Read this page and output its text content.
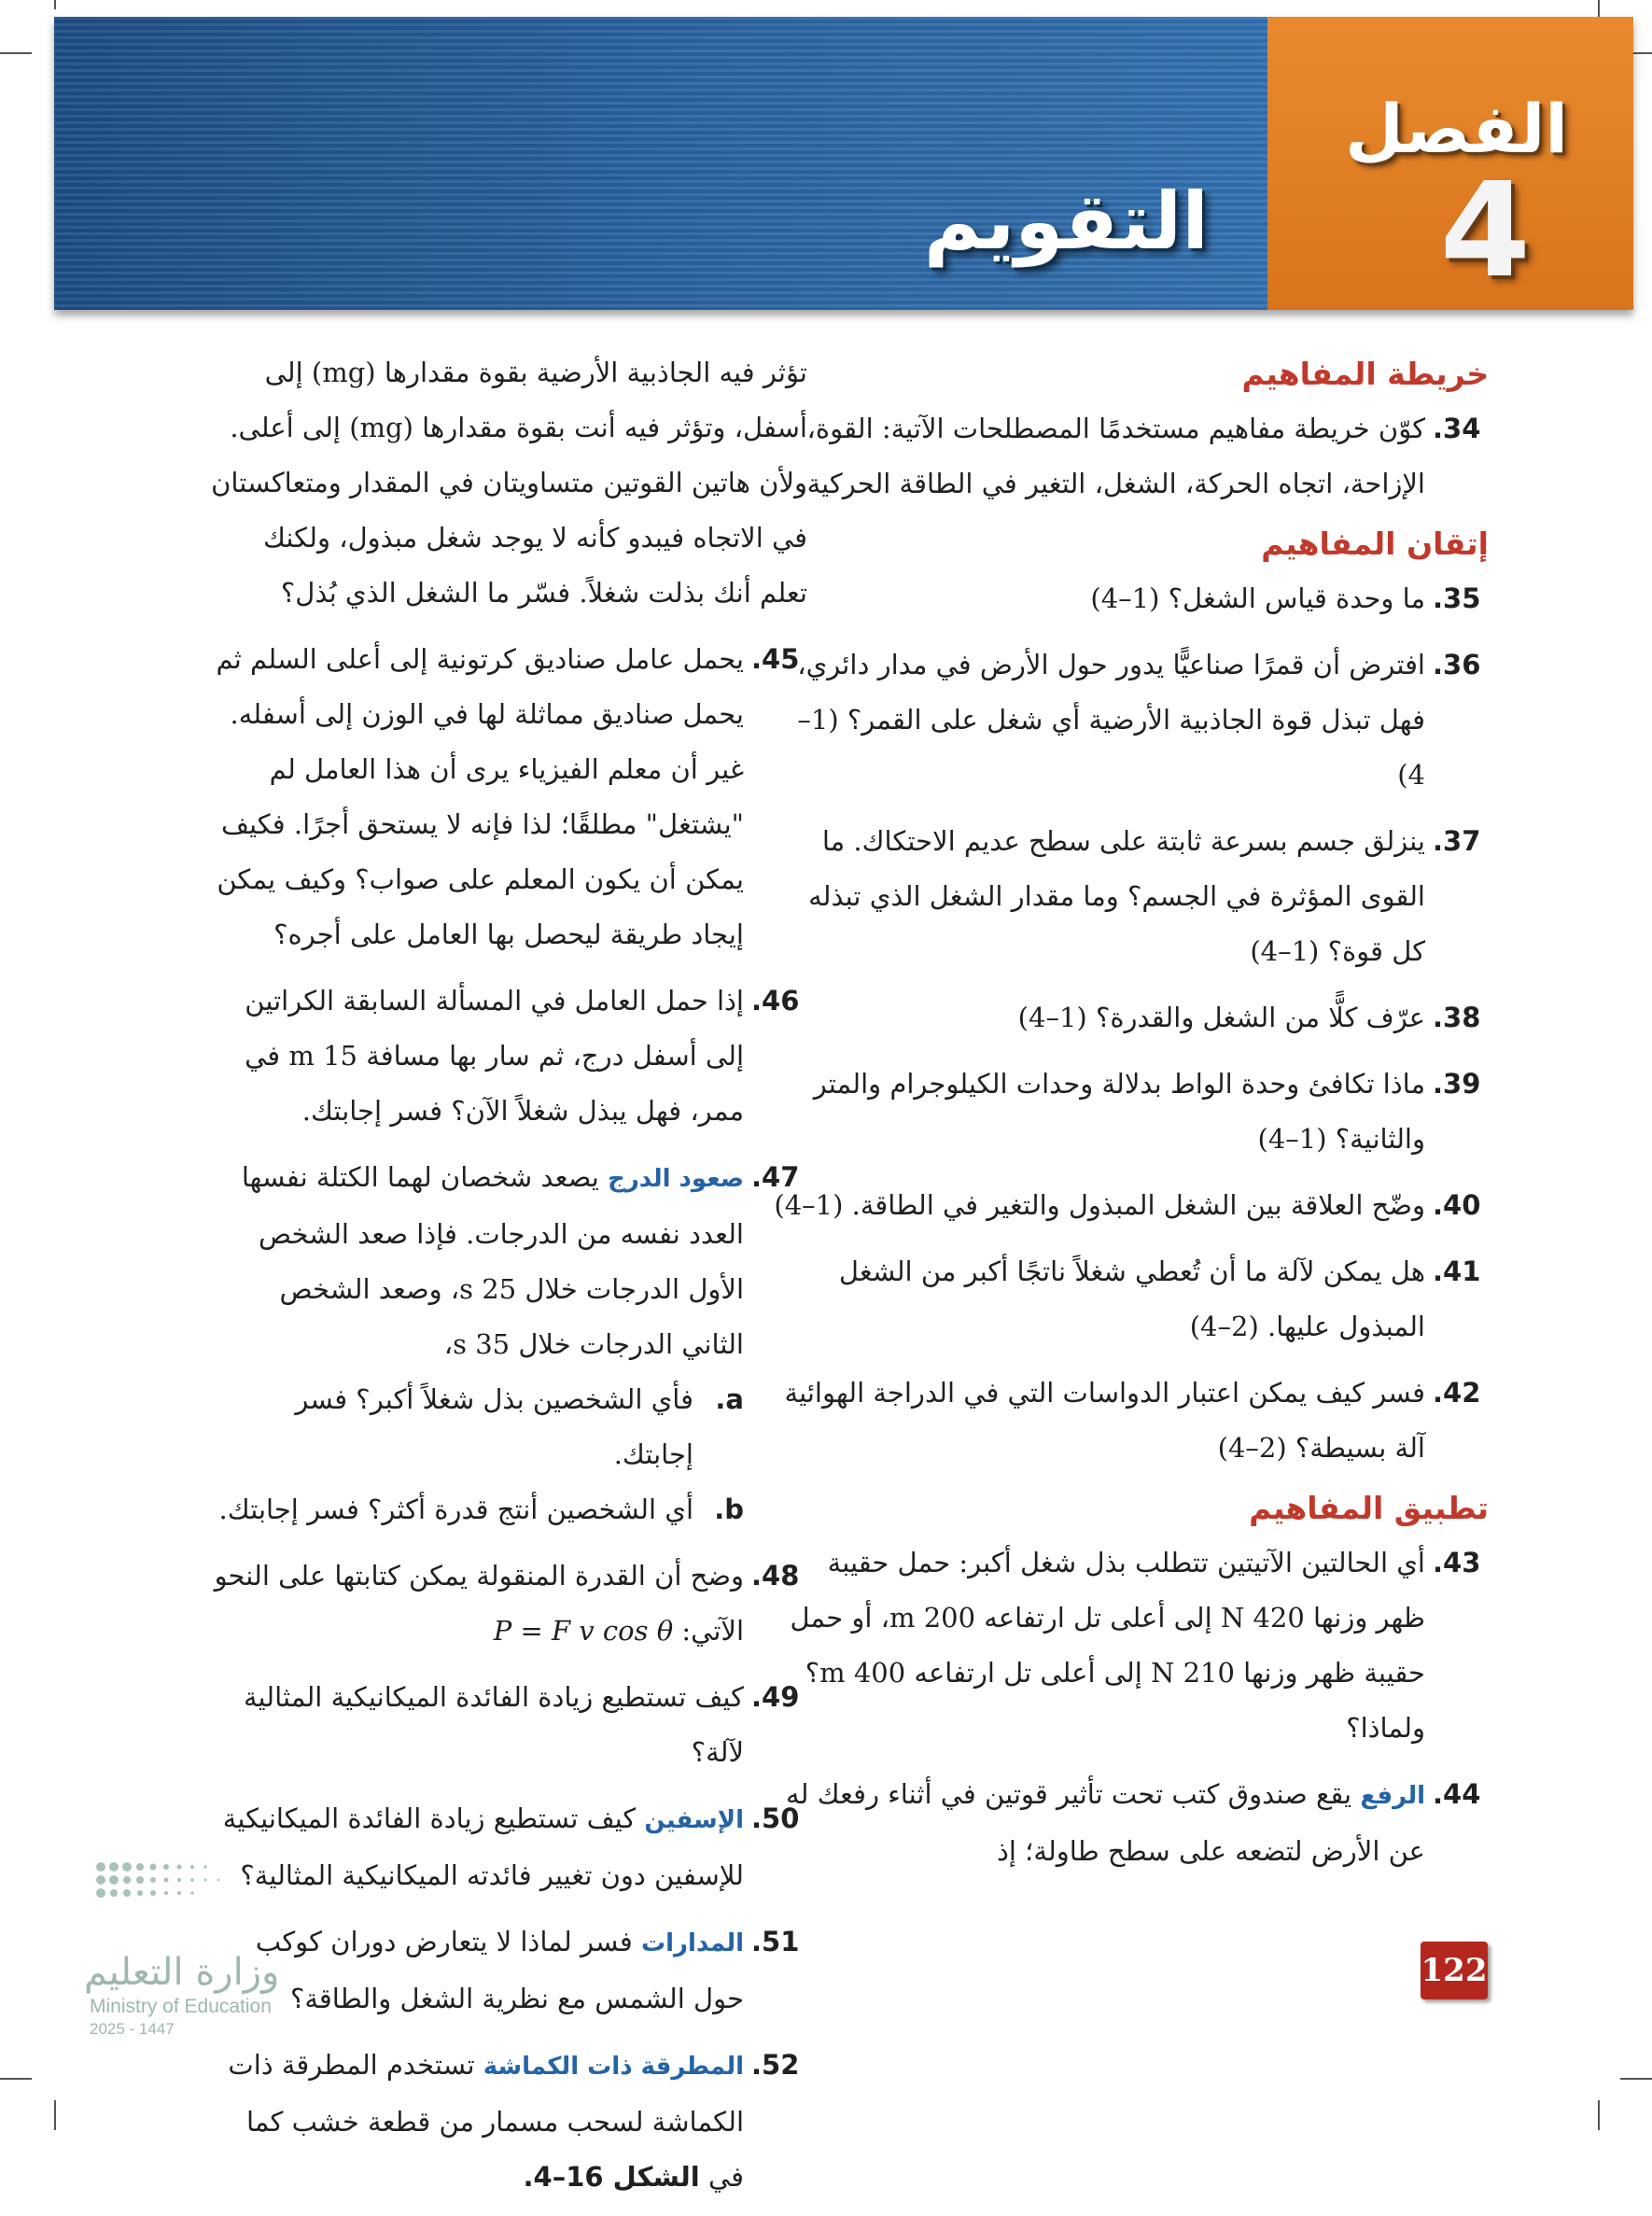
الفصل
4
التقويم
خريطة المفاهيم
34.
كوّن خريطة مفاهيم مستخدمًا المصطلحات الآتية: القوة، الإزاحة، اتجاه الحركة، الشغل، التغير في الطاقة الحركية.
إتقان المفاهيم
35.
ما وحدة قياس الشغل؟ (1–4)
36.
افترض أن قمرًا صناعيًّا يدور حول الأرض في مدار دائري، فهل تبذل قوة الجاذبية الأرضية أي شغل على القمر؟ (1–4)
37.
ينزلق جسم بسرعة ثابتة على سطح عديم الاحتكاك. ما القوى المؤثرة في الجسم؟ وما مقدار الشغل الذي تبذله كل قوة؟ (1–4)
38.
عرّف كلًّا من الشغل والقدرة؟ (1–4)
39.
ماذا تكافئ وحدة الواط بدلالة وحدات الكيلوجرام والمتر والثانية؟ (1–4)
40.
وضّح العلاقة بين الشغل المبذول والتغير في الطاقة. (1–4)
41.
هل يمكن لآلة ما أن تُعطي شغلاً ناتجًا أكبر من الشغل المبذول عليها. (2–4)
42.
فسر كيف يمكن اعتبار الدواسات التي في الدراجة الهوائية آلة بسيطة؟ (2–4)
تطبيق المفاهيم
43.
أي الحالتين الآتيتين تتطلب بذل شغل أكبر: حمل حقيبة ظهر وزنها 420 N إلى أعلى تل ارتفاعه 200 m، أو حمل حقيبة ظهر وزنها 210 N إلى أعلى تل ارتفاعه 400 m؟ ولماذا؟
44.
الرفع يقع صندوق كتب تحت تأثير قوتين في أثناء رفعك له عن الأرض لتضعه على سطح طاولة؛ إذ
تؤثر فيه الجاذبية الأرضية بقوة مقدارها (mg) إلى أسفل، وتؤثر فيه أنت بقوة مقدارها (mg) إلى أعلى. ولأن هاتين القوتين متساويتان في المقدار ومتعاكستان في الاتجاه فيبدو كأنه لا يوجد شغل مبذول، ولكنك تعلم أنك بذلت شغلاً. فسّر ما الشغل الذي بُذل؟
45.
يحمل عامل صناديق كرتونية إلى أعلى السلم ثم يحمل صناديق مماثلة لها في الوزن إلى أسفله. غير أن معلم الفيزياء يرى أن هذا العامل لم "يشتغل" مطلقًا؛ لذا فإنه لا يستحق أجرًا. فكيف يمكن أن يكون المعلم على صواب؟ وكيف يمكن إيجاد طريقة ليحصل بها العامل على أجره؟
46.
إذا حمل العامل في المسألة السابقة الكراتين إلى أسفل درج، ثم سار بها مسافة 15 m في ممر، فهل يبذل شغلاً الآن؟ فسر إجابتك.
47.
صعود الدرج يصعد شخصان لهما الكتلة نفسها العدد نفسه من الدرجات. فإذا صعد الشخص الأول الدرجات خلال 25 s، وصعد الشخص الثاني الدرجات خلال 35 s،
a.
فأي الشخصين بذل شغلاً أكبر؟ فسر إجابتك.
b.
أي الشخصين أنتج قدرة أكثر؟ فسر إجابتك.
48.
وضح أن القدرة المنقولة يمكن كتابتها على النحو الآتي: P = F v cos θ
49.
كيف تستطيع زيادة الفائدة الميكانيكية المثالية لآلة؟
50.
الإسفين كيف تستطيع زيادة الفائدة الميكانيكية للإسفين دون تغيير فائدته الميكانيكية المثالية؟
51.
المدارات فسر لماذا لا يتعارض دوران كوكب حول الشمس مع نظرية الشغل والطاقة؟
52.
المطرقة ذات الكماشة تستخدم المطرقة ذات الكماشة لسحب مسمار من قطعة خشب كما في الشكل 16–4.
وزارة التعليم
Ministry of Education
2025 - 1447
122
